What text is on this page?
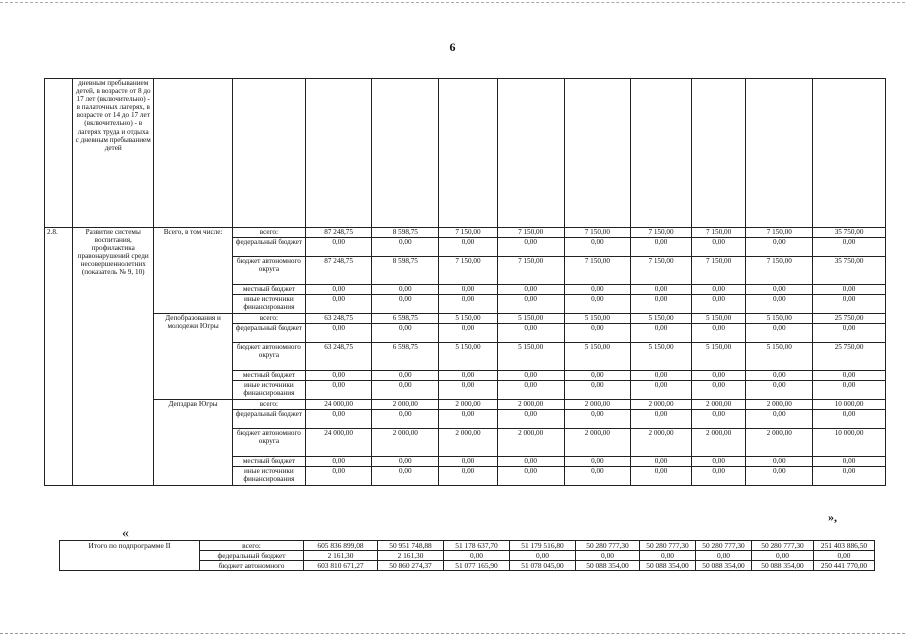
6
	дневным пребыванием детей, в возрасте от 8 до 17 лет (включительно) - в палаточных лагерях, в возрасте от 14 до 17 лет (включительно) - в лагерях труда и отдыха с дневным пребыванием детей											
2.8.	Развитие системы воспитания, профилактика правонарушений среди несовершеннолетних (показатель № 9, 10)	Всего, в том числе:	всего:	87 248,75	8 598,75	7 150,00	7 150,00	7 150,00	7 150,00	7 150,00	7 150,00	35 750,00
			федеральный бюджет	0,00	0,00	0,00	0,00	0,00	0,00	0,00	0,00	0,00
			бюджет автономного округа	87 248,75	8 598,75	7 150,00	7 150,00	7 150,00	7 150,00	7 150,00	7 150,00	35 750,00
			местный бюджет	0,00	0,00	0,00	0,00	0,00	0,00	0,00	0,00	0,00
			иные источники финансирования	0,00	0,00	0,00	0,00	0,00	0,00	0,00	0,00	0,00
		Депобразования и молодежи Югры	всего:	63 248,75	6 598,75	5 150,00	5 150,00	5 150,00	5 150,00	5 150,00	5 150,00	25 750,00
			федеральный бюджет	0,00	0,00	0,00	0,00	0,00	0,00	0,00	0,00	0,00
			бюджет автономного округа	63 248,75	6 598,75	5 150,00	5 150,00	5 150,00	5 150,00	5 150,00	5 150,00	25 750,00
			местный бюджет	0,00	0,00	0,00	0,00	0,00	0,00	0,00	0,00	0,00
			иные источники финансирования	0,00	0,00	0,00	0,00	0,00	0,00	0,00	0,00	0,00
		Депздрав Югры	всего:	24 000,00	2 000,00	2 000,00	2 000,00	2 000,00	2 000,00	2 000,00	2 000,00	10 000,00
			федеральный бюджет	0,00	0,00	0,00	0,00	0,00	0,00	0,00	0,00	0,00
			бюджет автономного округа	24 000,00	2 000,00	2 000,00	2 000,00	2 000,00	2 000,00	2 000,00	2 000,00	10 000,00
			местный бюджет	0,00	0,00	0,00	0,00	0,00	0,00	0,00	0,00	0,00
			иные источники финансирования	0,00	0,00	0,00	0,00	0,00	0,00	0,00	0,00	0,00
«
»,
Итого по подпрограмме II	всего:	605 836 899,08	50 951 748,88	51 178 637,70	51 179 516,80	50 280 777,30	50 280 777,30	50 280 777,30	50 280 777,30	251 403 886,50
	федеральный бюджет	2 161,30	2 161,30	0,00	0,00	0,00	0,00	0,00	0,00	0,00
	бюджет автономного	603 810 671,27	50 860 274,37	51 077 165,90	51 078 045,00	50 088 354,00	50 088 354,00	50 088 354,00	50 088 354,00	250 441 770,00
